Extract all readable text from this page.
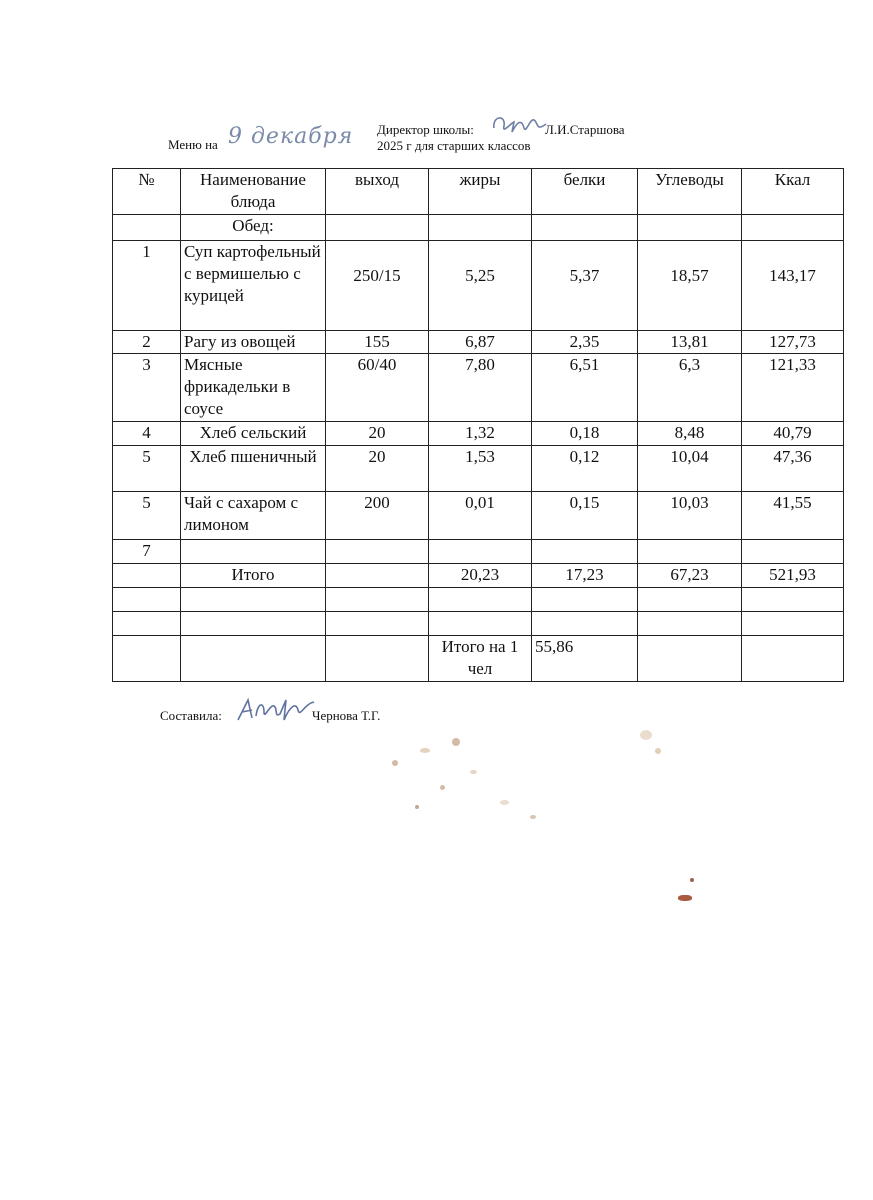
Меню на 9 декабря Директор школы:	Л.И.Старшова
2025 г для старших классов
№	Наименование блюда	выход	жиры	белки	Углеводы	Ккал
	Обед:					
1	Суп картофельный с вермишелью с курицей	250/15	5,25	5,37	18,57	143,17
2	Рагу из овощей	155	6,87	2,35	13,81	127,73
3	Мясные фрикадельки в соусе	60/40	7,80	6,51	6,3	121,33
4	Хлеб сельский	20	1,32	0,18	8,48	40,79
5	Хлеб пшеничный	20	1,53	0,12	10,04	47,36
5	Чай с сахаром с лимоном	200	0,01	0,15	10,03	41,55
7						
	Итого		20,23	17,23	67,23	521,93

			Итого на 1 чел	55,86		
Составила:	Чернова Т.Г.
